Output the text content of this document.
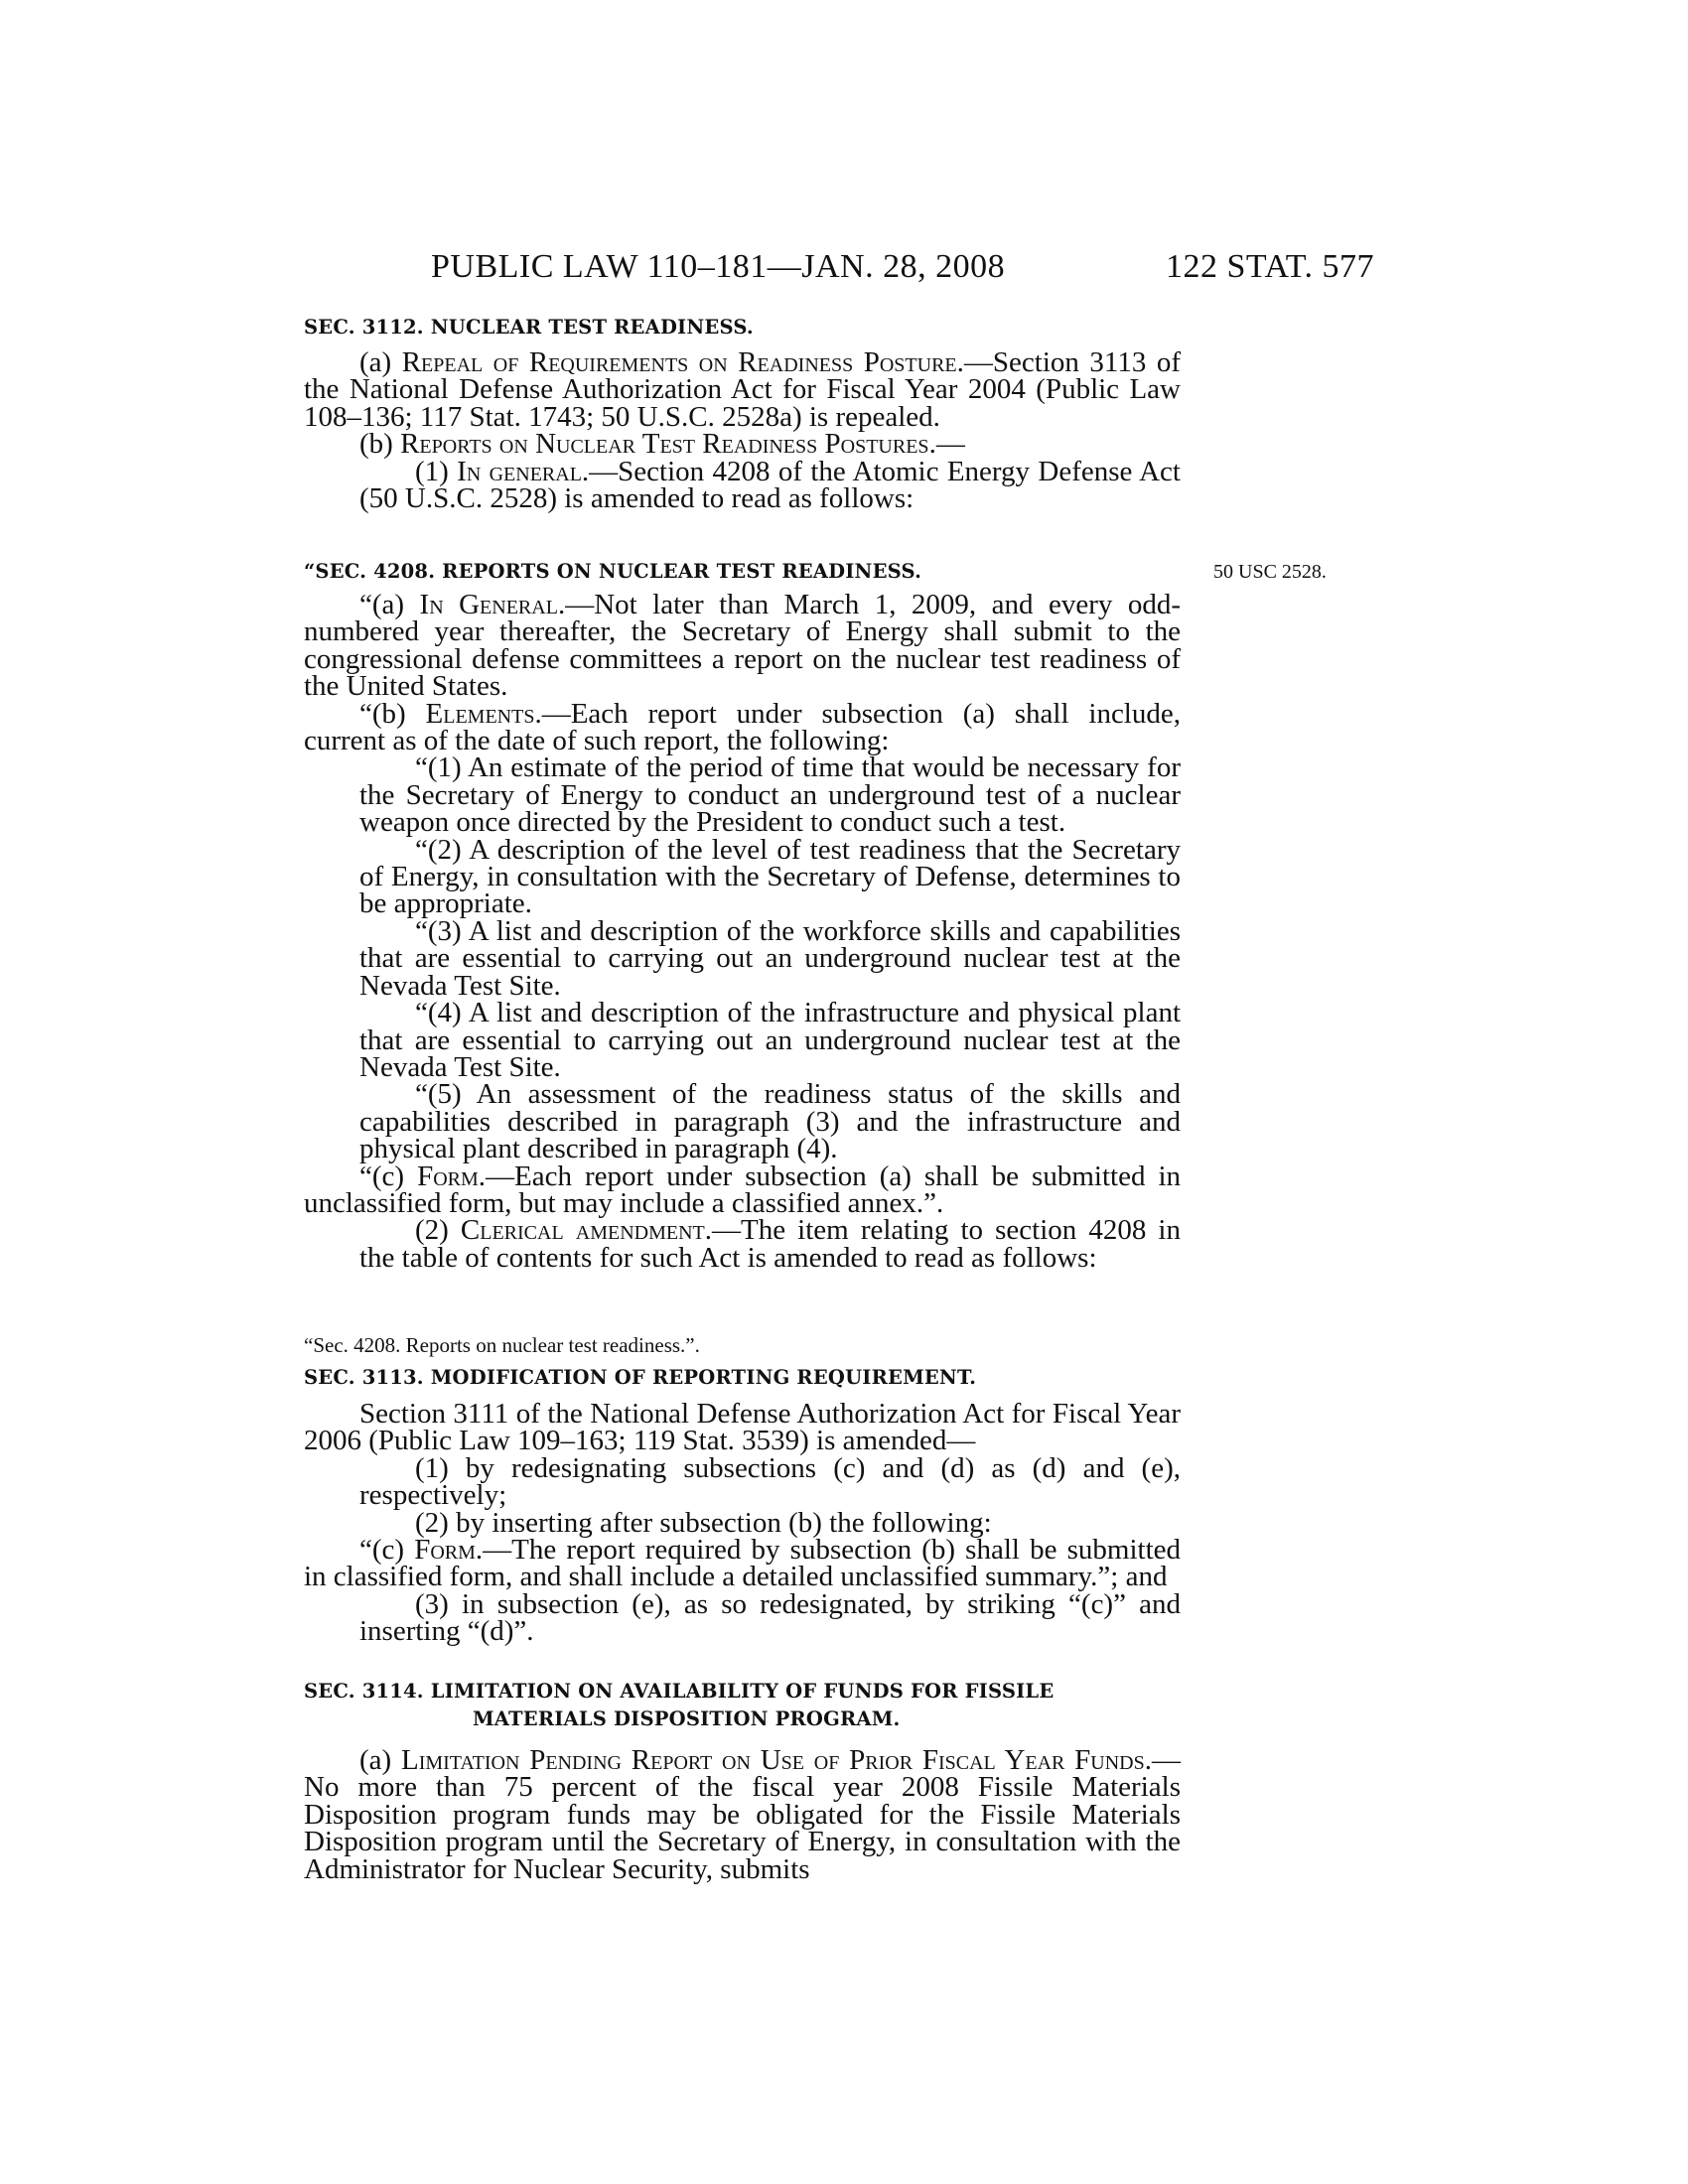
PUBLIC LAW 110–181—JAN. 28, 2008	122 STAT. 577
SEC. 3112. NUCLEAR TEST READINESS.

(a) Repeal of Requirements on Readiness Posture.—Section 3113 of the National Defense Authorization Act for Fiscal Year 2004 (Public Law 108–136; 117 Stat. 1743; 50 U.S.C. 2528a) is repealed.

(b) Reports on Nuclear Test Readiness Postures.—

(1) In general.—Section 4208 of the Atomic Energy Defense Act (50 U.S.C. 2528) is amended to read as follows:

“SEC. 4208. REPORTS ON NUCLEAR TEST READINESS.	50 USC 2528.

“(a) In General.—Not later than March 1, 2009, and every odd-numbered year thereafter, the Secretary of Energy shall submit to the congressional defense committees a report on the nuclear test readiness of the United States.

“(b) Elements.—Each report under subsection (a) shall include, current as of the date of such report, the following:

“(1) An estimate of the period of time that would be necessary for the Secretary of Energy to conduct an underground test of a nuclear weapon once directed by the President to conduct such a test.

“(2) A description of the level of test readiness that the Secretary of Energy, in consultation with the Secretary of Defense, determines to be appropriate.

“(3) A list and description of the workforce skills and capabilities that are essential to carrying out an underground nuclear test at the Nevada Test Site.

“(4) A list and description of the infrastructure and physical plant that are essential to carrying out an underground nuclear test at the Nevada Test Site.

“(5) An assessment of the readiness status of the skills and capabilities described in paragraph (3) and the infrastructure and physical plant described in paragraph (4).

“(c) Form.—Each report under subsection (a) shall be submitted in unclassified form, but may include a classified annex.”.

(2) Clerical amendment.—The item relating to section 4208 in the table of contents for such Act is amended to read as follows:

“Sec. 4208. Reports on nuclear test readiness.”.
SEC. 3113. MODIFICATION OF REPORTING REQUIREMENT.

Section 3111 of the National Defense Authorization Act for Fiscal Year 2006 (Public Law 109–163; 119 Stat. 3539) is amended—

(1) by redesignating subsections (c) and (d) as (d) and (e), respectively;

(2) by inserting after subsection (b) the following:

“(c) Form.—The report required by subsection (b) shall be submitted in classified form, and shall include a detailed unclassified summary.”; and

(3) in subsection (e), as so redesignated, by striking “(c)” and inserting “(d)”.

SEC. 3114. LIMITATION ON AVAILABILITY OF FUNDS FOR FISSILE
MATERIALS DISPOSITION PROGRAM.

(a) Limitation Pending Report on Use of Prior Fiscal Year Funds.—No more than 75 percent of the fiscal year 2008 Fissile Materials Disposition program funds may be obligated for the Fissile Materials Disposition program until the Secretary of Energy, in consultation with the Administrator for Nuclear Security, submits
